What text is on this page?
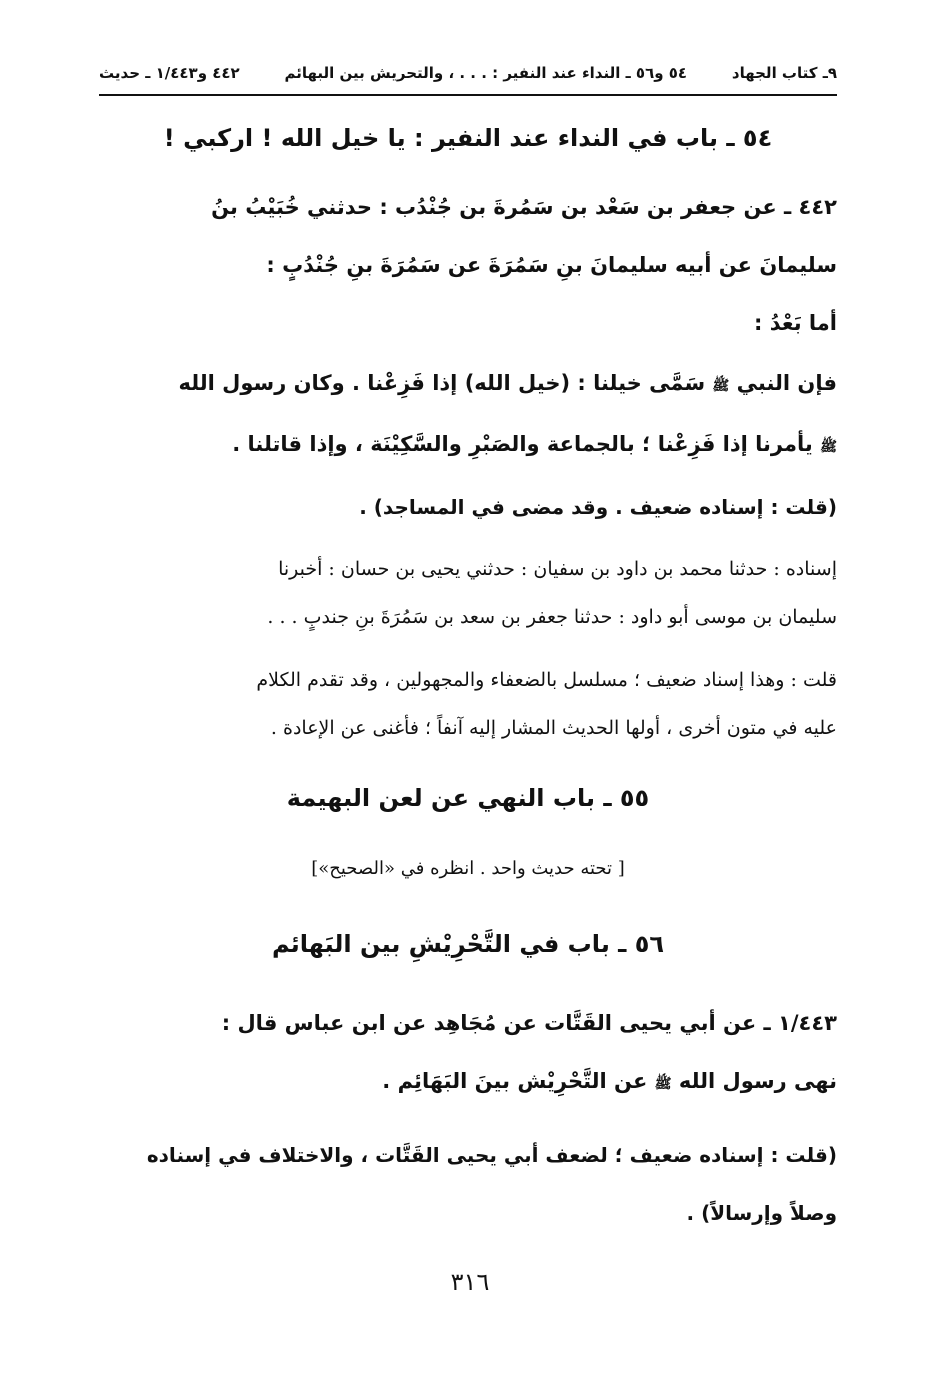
٩ـ كتاب الجهاد
٥٤ و٥٦ ـ النداء عند النفير : . . . ، والتحريش بين البهائم
٤٤٢ و١/٤٤٣ ـ حديث
٥٤ ـ باب في النداء عند النفير : يا خيل الله ! اركبي !
٤٤٢ ـ عن جعفر بن سَعْد بن سَمُرةَ بن جُنْدُب : حدثني خُبَيْبُ بنُ
سليمانَ عن أبيه سليمانَ بنِ سَمُرَةَ عن سَمُرَةَ بنِ جُنْدُبٍ :
أما بَعْدُ :
فإن النبي ﷺ سَمَّى خيلنا : (خيل الله) إذا فَزِعْنا . وكان رسول الله
ﷺ يأمرنا إذا فَزِعْنا ؛ بالجماعة والصَبْرِ والسَّكِيْنَة ، وإذا قاتلنا .
(قلت : إسناده ضعيف . وقد مضى في المساجد) .
إسناده : حدثنا محمد بن داود بن سفيان : حدثني يحيى بن حسان : أخبرنا
سليمان بن موسى أبو داود : حدثنا جعفر بن سعد بن سَمُرَةَ بنِ جندبٍ . . .
قلت : وهذا إسناد ضعيف ؛ مسلسل بالضعفاء والمجهولين ، وقد تقدم الكلام
عليه في متون أخرى ، أولها الحديث المشار إليه آنفاً ؛ فأغنى عن الإعادة .
٥٥ ـ باب النهي عن لعن البهيمة
[ تحته حديث واحد . انظره في «الصحيح»]
٥٦ ـ باب في التَّحْرِيْشِ بين البَهائم
١/٤٤٣ ـ عن أبي يحيى القَتَّات عن مُجَاهِد عن ابن عباس قال :
نهى رسول الله ﷺ عن التَّحْرِيْش بينَ البَهَائِم .
(قلت : إسناده ضعيف ؛ لضعف أبي يحيى القَتَّات ، والاختلاف في إسناده
وصلاً وإرسالاً) .
٣١٦
